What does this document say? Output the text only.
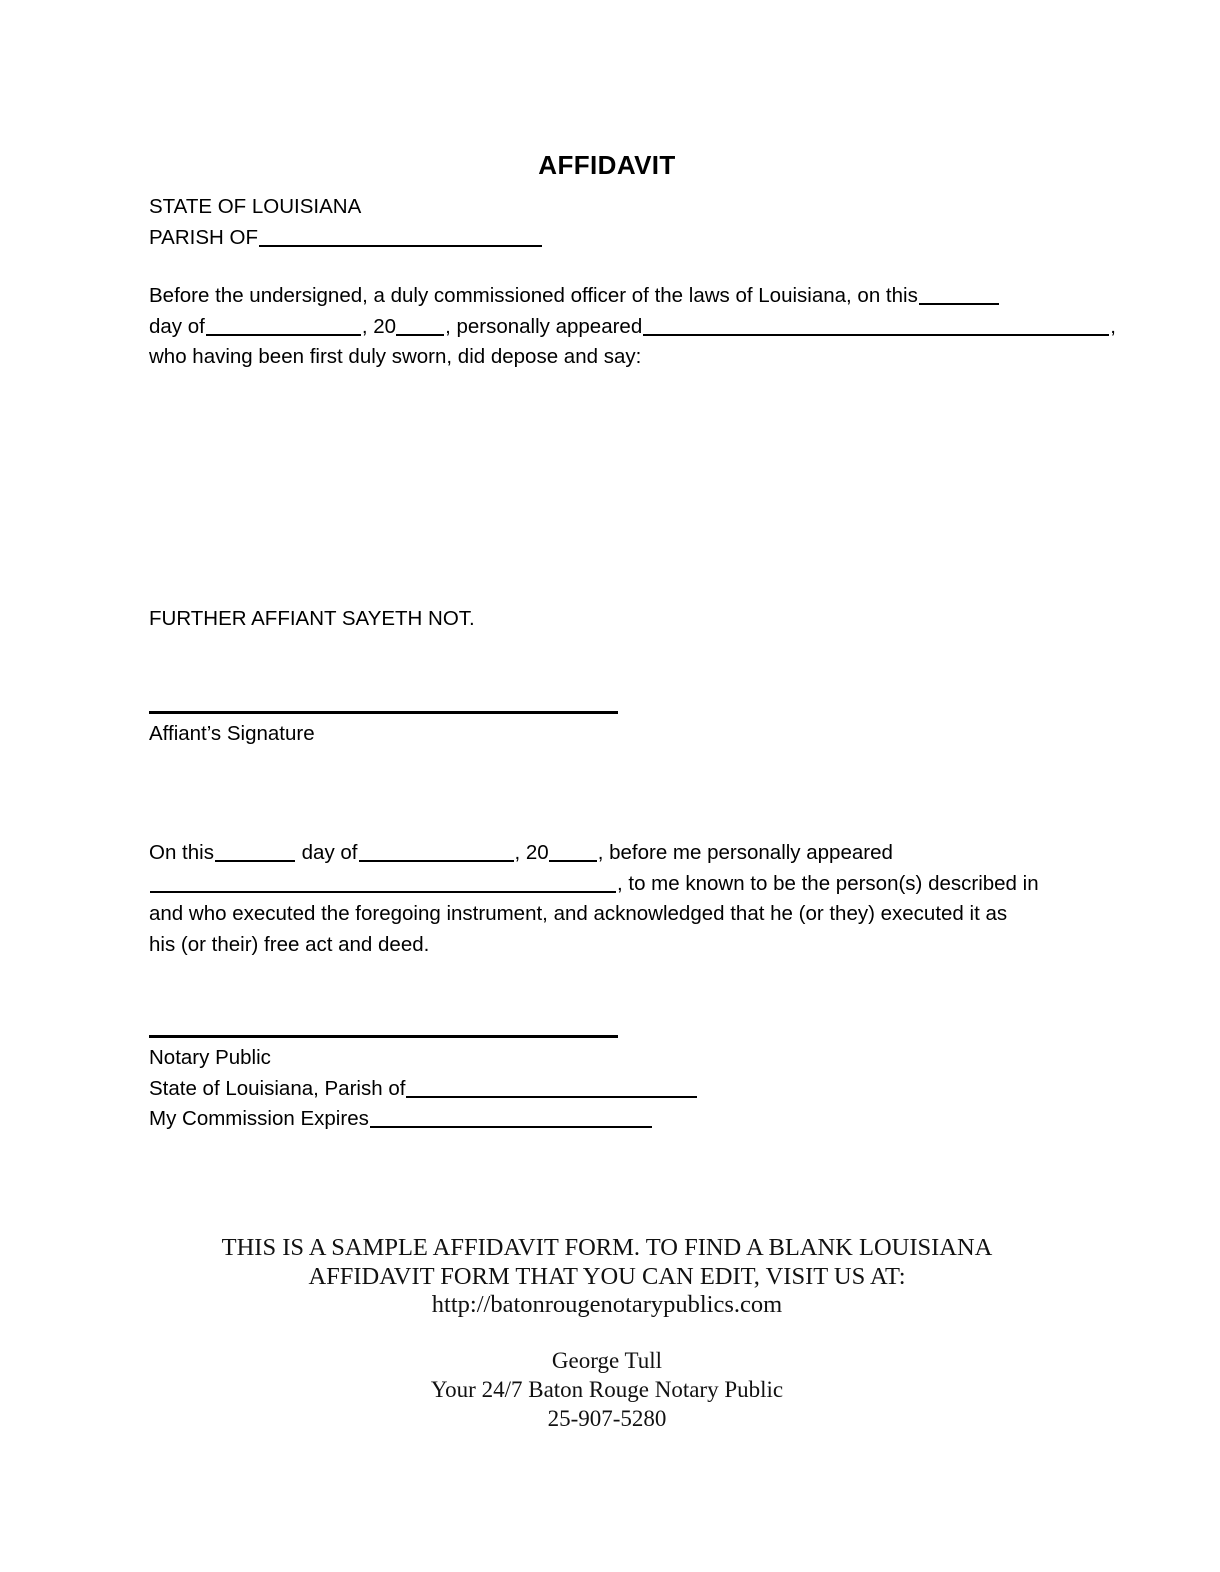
AFFIDAVIT
STATE OF LOUISIANA
PARISH OF
Before the undersigned, a duly commissioned officer of the laws of Louisiana, on this
day of	, 20 , personally appeared	,
who having been first duly sworn, did depose and say:
FURTHER AFFIANT SAYETH NOT.
Affiant’s Signature
On this	day of	, 20 , before me personally appeared
, to me known to be the person(s) described in
and who executed the foregoing instrument, and acknowledged that he (or they) executed it as
his (or their) free act and deed.
Notary Public
State of Louisiana, Parish of
My Commission Expires
THIS IS A SAMPLE AFFIDAVIT FORM. TO FIND A BLANK LOUISIANA
AFFIDAVIT FORM THAT YOU CAN EDIT, VISIT US AT:
http://batonrougenotarypublics.com
George Tull
Your 24/7 Baton Rouge Notary Public
25-907-5280
